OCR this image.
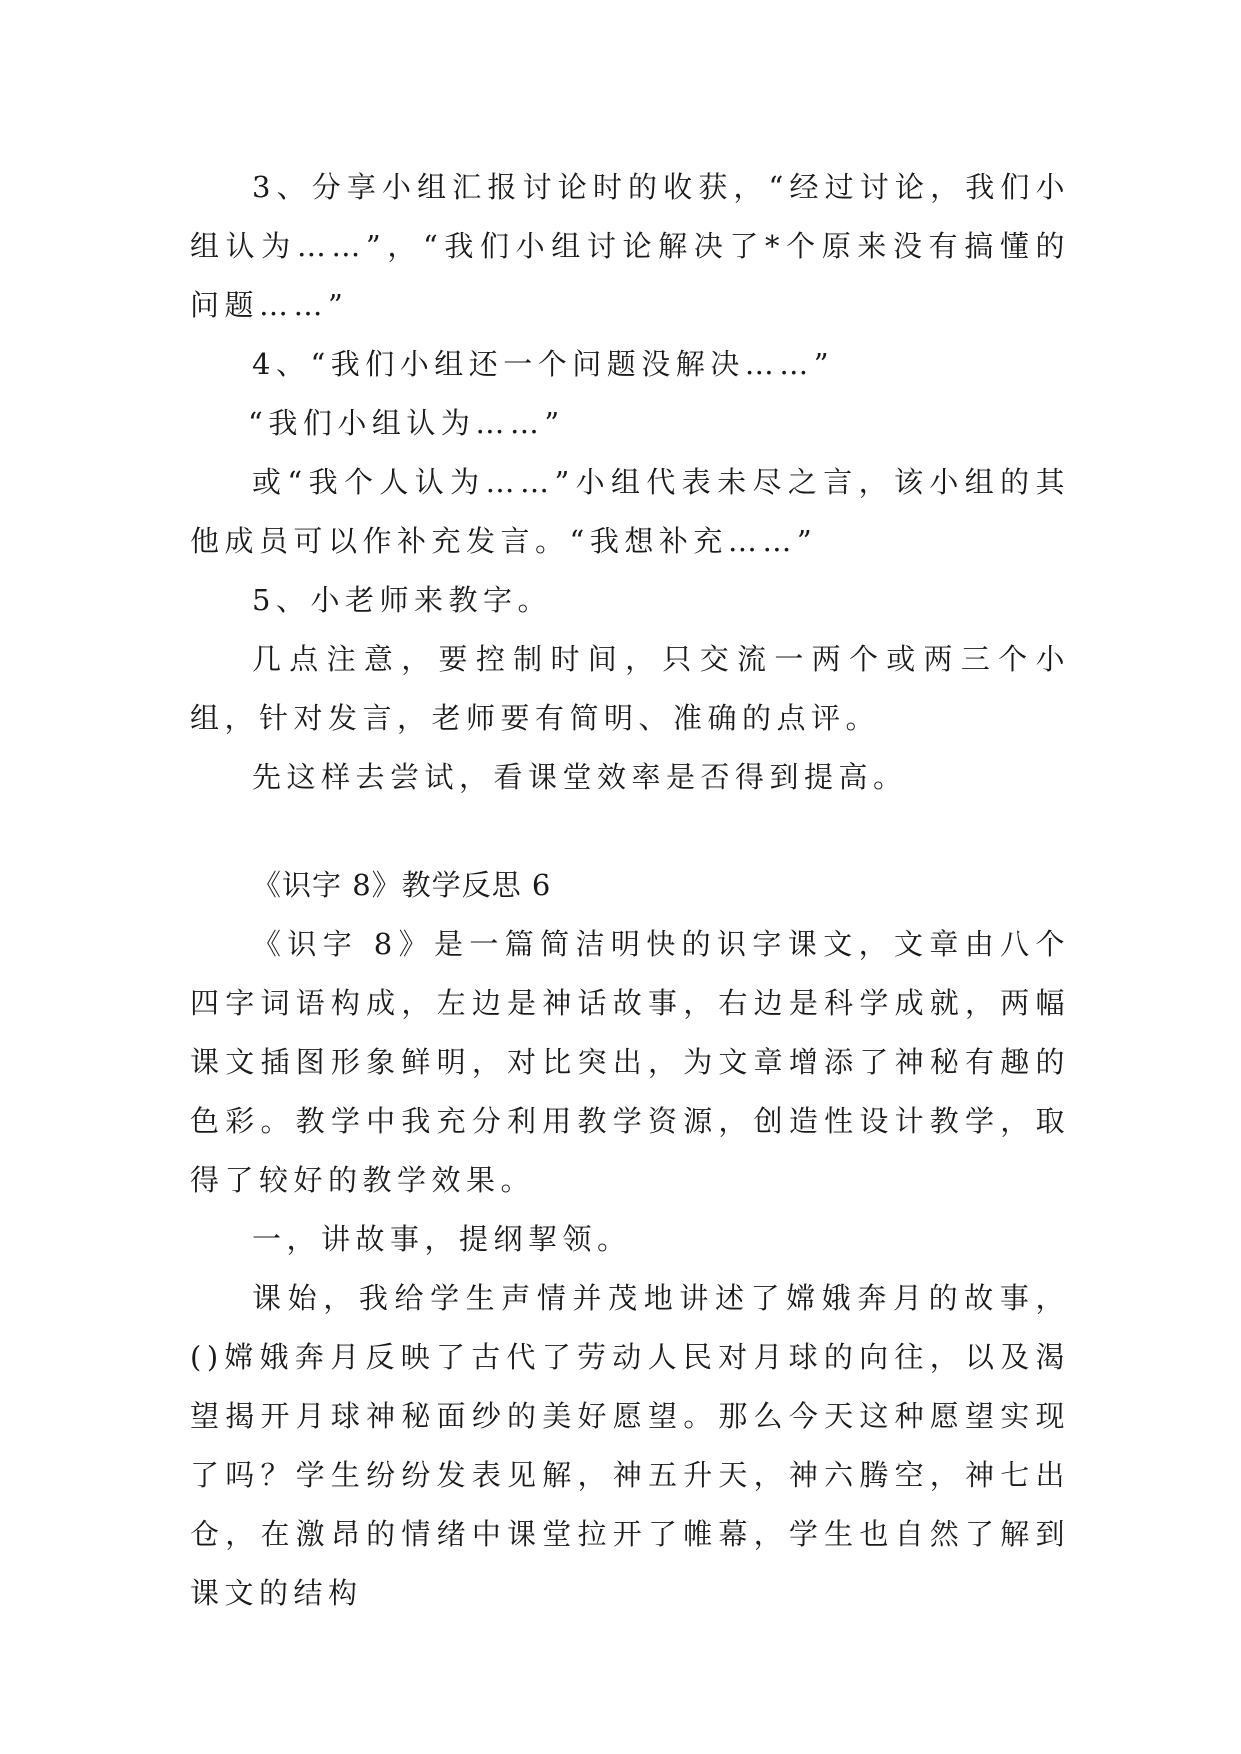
3、分享小组汇报讨论时的收获，“经过讨论，我们小组认为……”，“我们小组讨论解决了*个原来没有搞懂的问题……”

4、“我们小组还一个问题没解决……”

“我们小组认为……”

或“我个人认为……”小组代表未尽之言，该小组的其他成员可以作补充发言。“我想补充……”

5、小老师来教字。

几点注意，要控制时间，只交流一两个或两三个小组，针对发言，老师要有简明、准确的点评。

先这样去尝试，看课堂效率是否得到提高。

《识字 8》教学反思 6

《识字 8》是一篇简洁明快的识字课文，文章由八个四字词语构成，左边是神话故事，右边是科学成就，两幅课文插图形象鲜明，对比突出，为文章增添了神秘有趣的色彩。教学中我充分利用教学资源，创造性设计教学，取得了较好的教学效果。

一，讲故事，提纲挈领。

课始，我给学生声情并茂地讲述了嫦娥奔月的故事，()嫦娥奔月反映了古代了劳动人民对月球的向往，以及渴望揭开月球神秘面纱的美好愿望。那么今天这种愿望实现了吗？学生纷纷发表见解，神五升天，神六腾空，神七出仓，在激昂的情绪中课堂拉开了帷幕，学生也自然了解到课文的结构
